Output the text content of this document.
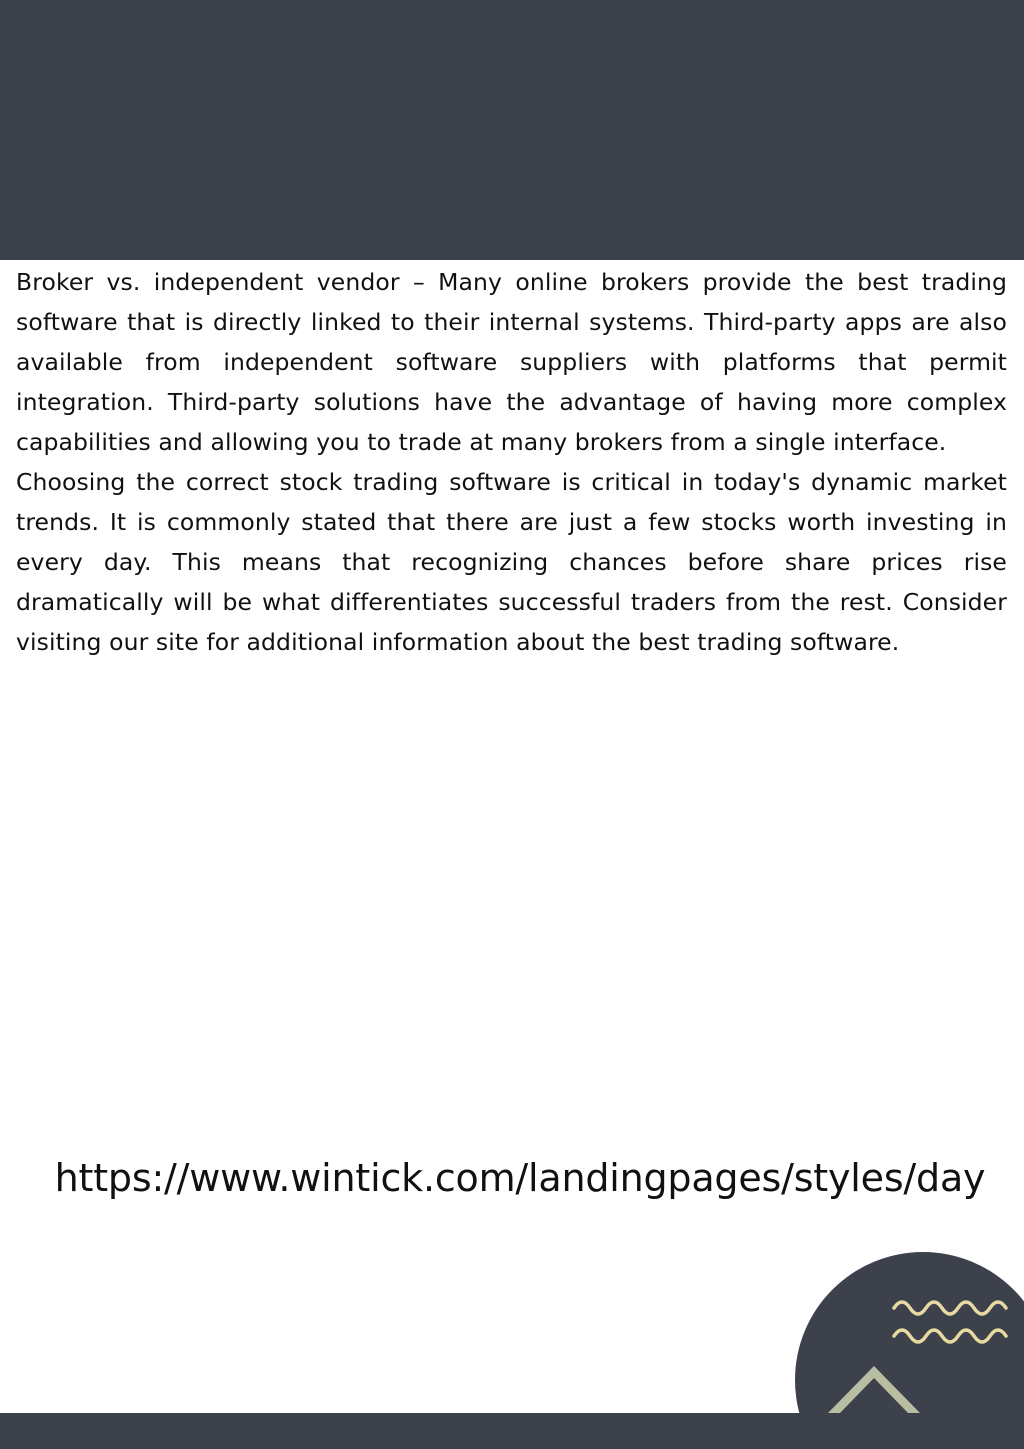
Broker vs. independent vendor – Many online brokers provide the best trading software that is directly linked to their internal systems. Third-party apps are also available from independent software suppliers with platforms that permit integration. Third-party solutions have the advantage of having more complex capabilities and allowing you to trade at many brokers from a single interface.

Choosing the correct stock trading software is critical in today's dynamic market trends. It is commonly stated that there are just a few stocks worth investing in every day. This means that recognizing chances before share prices rise dramatically will be what differentiates successful traders from the rest. Consider visiting our site for additional information about the best trading software.

https://www.wintick.com/landingpages/styles/day
